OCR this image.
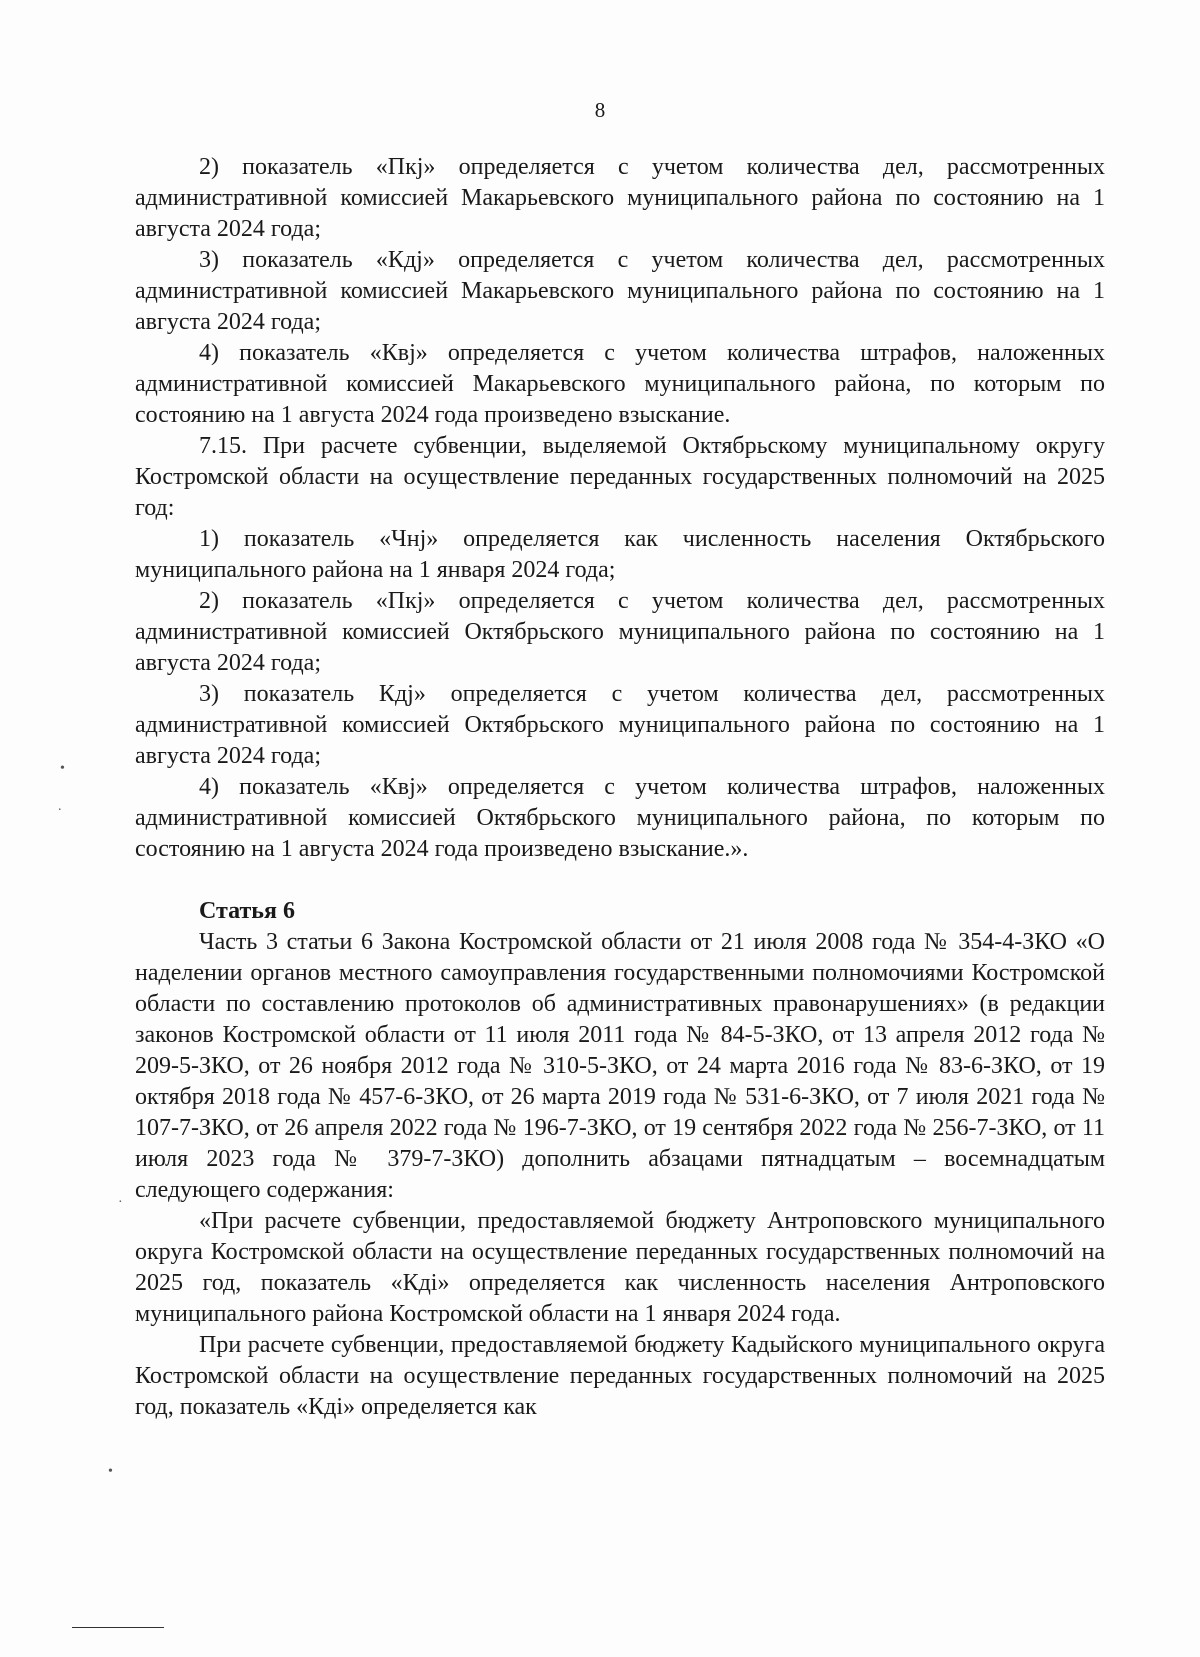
8

2) показатель «Пкj» определяется с учетом количества дел, рассмотренных административной комиссией Макарьевского муниципального района по состоянию на 1 августа 2024 года;

3) показатель «Кдj» определяется с учетом количества дел, рассмотренных административной комиссией Макарьевского муниципального района по состоянию на 1 августа 2024 года;

4) показатель «Квj» определяется с учетом количества штрафов, наложенных административной комиссией Макарьевского муниципального района, по которым по состоянию на 1 августа 2024 года произведено взыскание.

7.15. При расчете субвенции, выделяемой Октябрьскому муниципальному округу Костромской области на осуществление переданных государственных полномочий на 2025 год:

1) показатель «Чнj» определяется как численность населения Октябрьского муниципального района на 1 января 2024 года;

2) показатель «Пкj» определяется с учетом количества дел, рассмотренных административной комиссией Октябрьского муниципального района по состоянию на 1 августа 2024 года;

3) показатель Кдj» определяется с учетом количества дел, рассмотренных административной комиссией Октябрьского муниципального района по состоянию на 1 августа 2024 года;

4) показатель «Квj» определяется с учетом количества штрафов, наложенных административной комиссией Октябрьского муниципального района, по которым по состоянию на 1 августа 2024 года произведено взыскание.».

Статья 6

Часть 3 статьи 6 Закона Костромской области от 21 июля 2008 года № 354-4-ЗКО «О наделении органов местного самоуправления государственными полномочиями Костромской области по составлению протоколов об административных правонарушениях» (в редакции законов Костромской области от 11 июля 2011 года № 84-5-ЗКО, от 13 апреля 2012 года № 209-5-ЗКО, от 26 ноября 2012 года № 310-5-ЗКО, от 24 марта 2016 года № 83-6-ЗКО, от 19 октября 2018 года № 457-6-ЗКО, от 26 марта 2019 года № 531-6-ЗКО, от 7 июля 2021 года № 107-7-ЗКО, от 26 апреля 2022 года № 196-7-ЗКО, от 19 сентября 2022 года № 256-7-ЗКО, от 11 июля 2023 года № 379-7-ЗКО) дополнить абзацами пятнадцатым – восемнадцатым следующего содержания:

«При расчете субвенции, предоставляемой бюджету Антроповского муниципального округа Костромской области на осуществление переданных государственных полномочий на 2025 год, показатель «Кдi» определяется как численность населения Антроповского муниципального района Костромской области на 1 января 2024 года.

При расчете субвенции, предоставляемой бюджету Кадыйского муниципального округа Костромской области на осуществление переданных государственных полномочий на 2025 год, показатель «Кдi» определяется как

•
.
·
•
